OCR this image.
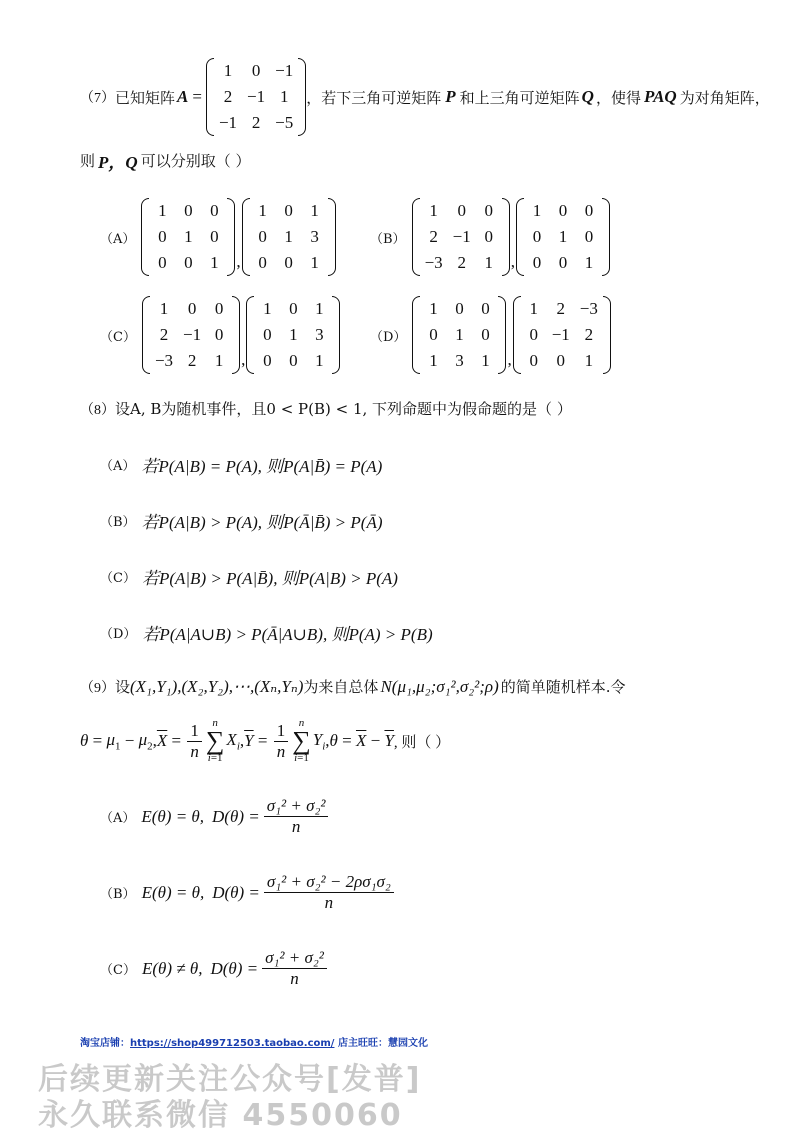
（7） 已知矩阵 A =
1	0	−1
2	−1	1
−1	2	−5
，若下三角可逆矩阵 P 和上三角可逆矩阵 Q ，使得 PAQ 为对角矩阵，
则 P，Q 可以分别取（ ）
（A）
1	0	0
0	1	0
0	0	1 ,
1	0	1
0	1	3
0	0	1
（B）
1	0	0
2	−1	0
−3	2	1 ,
1	0	0
0	1	0
0	0	1
（C）
1	0	0
2	−1	0
−3	2	1 ,
1	0	1
0	1	3
0	0	1
（D）
1	0	0
0	1	0
1	3	1 ,
1	2	−3
0	−1	2
0	0	1
（8） 设A, B为随机事件，且0 < P(B) < 1, 下列命题中为假命题的是（ ）
（A） 若P(A|B) = P(A), 则P(A|B̄) = P(A)
（B） 若P(A|B) > P(A), 则P(Ā|B̄) > P(Ā)
（C） 若P(A|B) > P(A|B̄), 则P(A|B) > P(A)
（D） 若P(A|A∪B) > P(Ā|A∪B), 则P(A) > P(B)
（9） 设 (X₁,Y₁),(X₂,Y₂),⋯,(Xₙ,Yₙ) 为来自总体 N(μ₁,μ₂;σ₁²,σ₂²;ρ) 的简单随机样本.令
$\theta = \mu_1 - \mu_2$ , $\overline{X} = \frac{1}{n}$ n
∑
i=1
$X_i$ , $\overline{Y} = \frac{1}{n}$ n
∑
i=1
$Y_i$ , $\theta = \overline{X} - \overline{Y}$ , 则（ ）
（A） E(θ) = θ, $D(\theta) = \frac{\text{σ₁² + σ₂²}}{n}$
（B） E(θ) = θ, $D(\theta) = \frac{\text{σ₁² + σ₂² − 2ρσ₁σ₂}}{n}$
（C） E(θ) ≠ θ, $D(\theta) = \frac{\text{σ₁² + σ₂²}}{n}$
淘宝店铺：https://shop499712503.taobao.com/ 店主旺旺：慧园文化
后续更新关注公众号[发普]
永久联系微信 4550060
